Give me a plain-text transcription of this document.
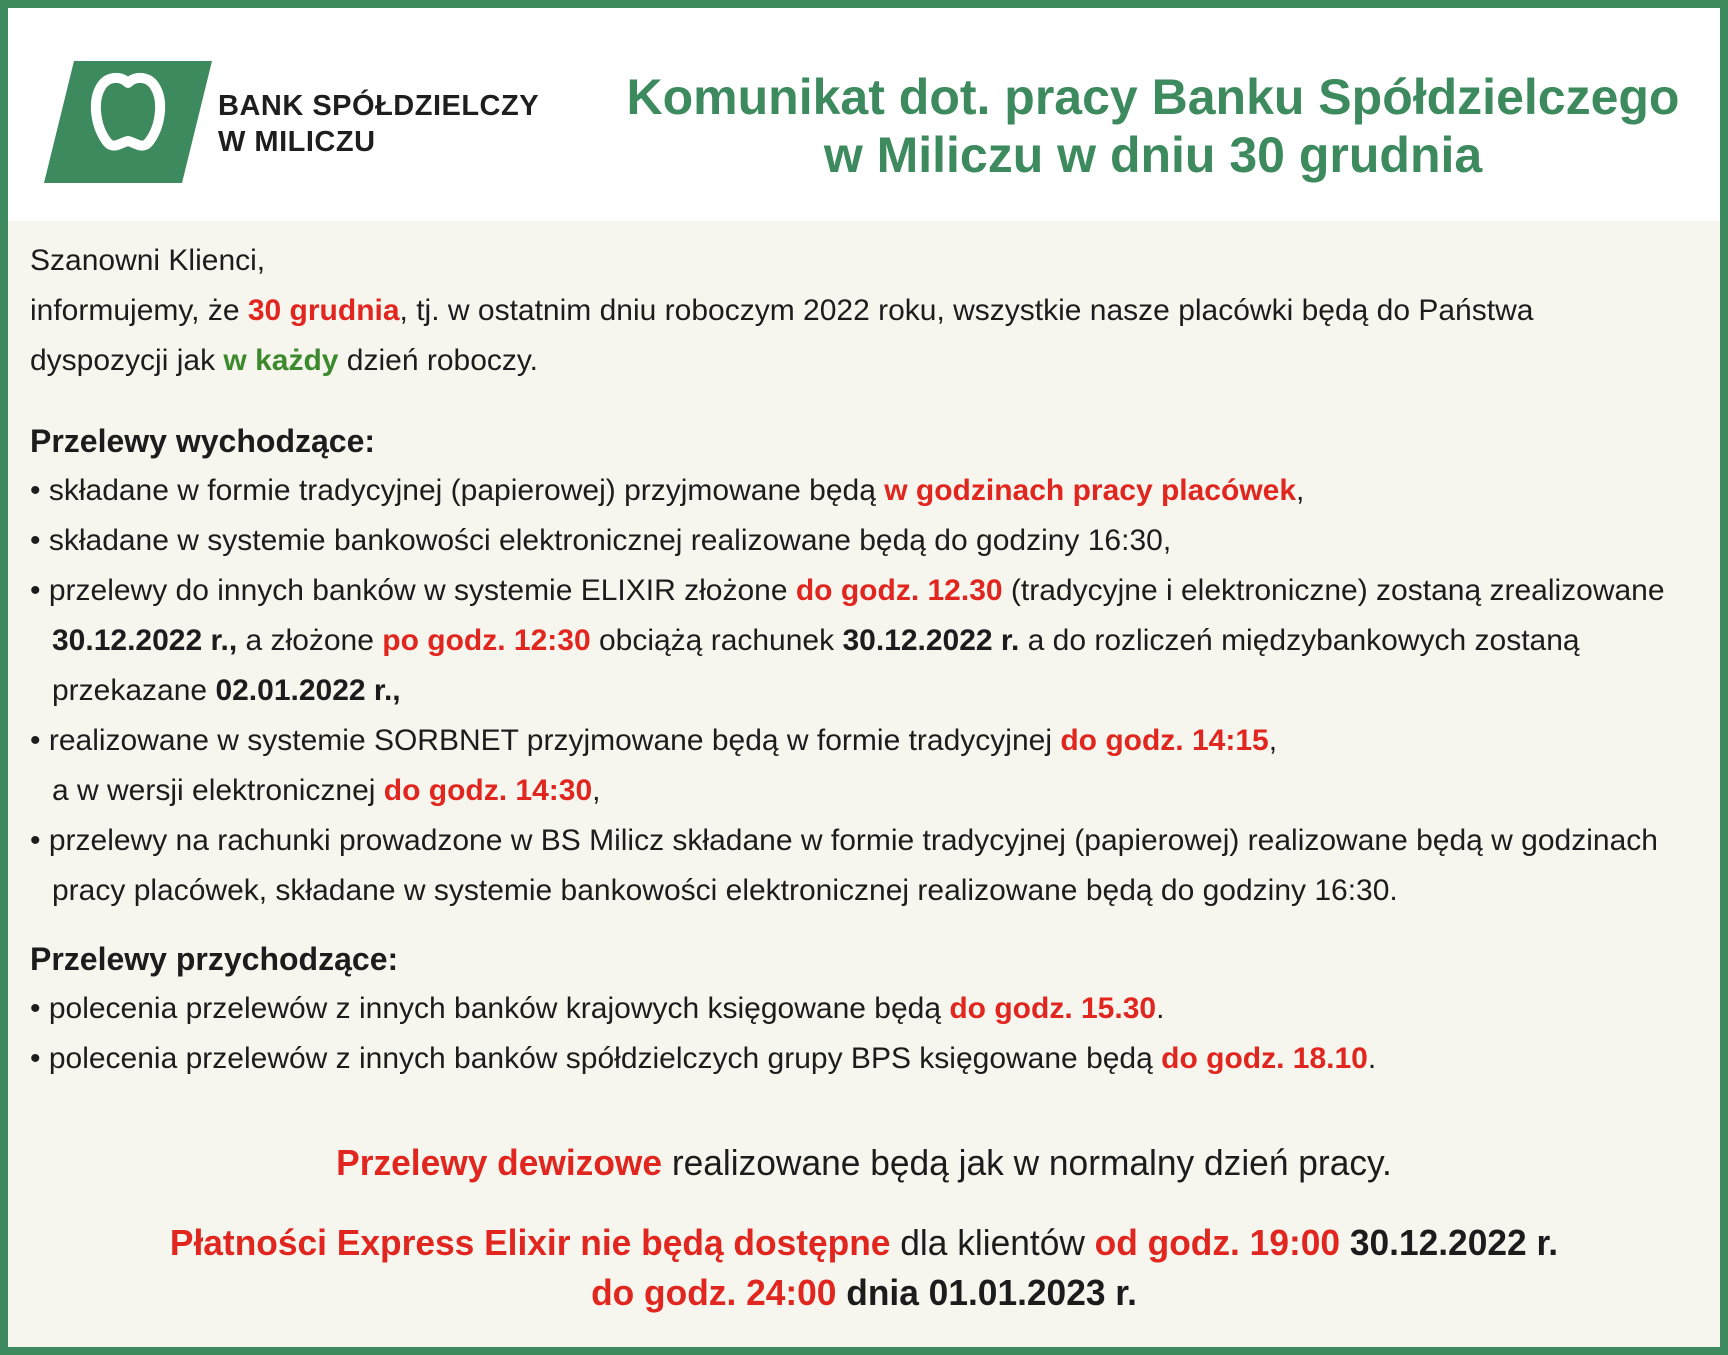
BANK SPÓŁDZIELCZY
W MILICZU
Komunikat dot. pracy Banku Spółdzielczego
w Miliczu w dniu 30 grudnia
Szanowni Klienci,
informujemy, że 30 grudnia, tj. w ostatnim dniu roboczym 2022 roku, wszystkie nasze placówki będą do Państwa
dyspozycji jak w każdy dzień roboczy.
Przelewy wychodzące:
• składane w formie tradycyjnej (papierowej) przyjmowane będą w godzinach pracy placówek,
• składane w systemie bankowości elektronicznej realizowane będą do godziny 16:30,
• przelewy do innych banków w systemie ELIXIR złożone do godz. 12.30 (tradycyjne i elektroniczne) zostaną zrealizowane
30.12.2022 r., a złożone po godz. 12:30 obciążą rachunek 30.12.2022 r. a do rozliczeń międzybankowych zostaną
przekazane 02.01.2022 r.,
• realizowane w systemie SORBNET przyjmowane będą w formie tradycyjnej do godz. 14:15,
a w wersji elektronicznej do godz. 14:30,
• przelewy na rachunki prowadzone w BS Milicz składane w formie tradycyjnej (papierowej) realizowane będą w godzinach
pracy placówek, składane w systemie bankowości elektronicznej realizowane będą do godziny 16:30.
Przelewy przychodzące:
• polecenia przelewów z innych banków krajowych księgowane będą do godz. 15.30.
• polecenia przelewów z innych banków spółdzielczych grupy BPS księgowane będą do godz. 18.10.
Przelewy dewizowe realizowane będą jak w normalny dzień pracy.
Płatności Express Elixir nie będą dostępne dla klientów od godz. 19:00 30.12.2022 r.
do godz. 24:00 dnia 01.01.2023 r.
